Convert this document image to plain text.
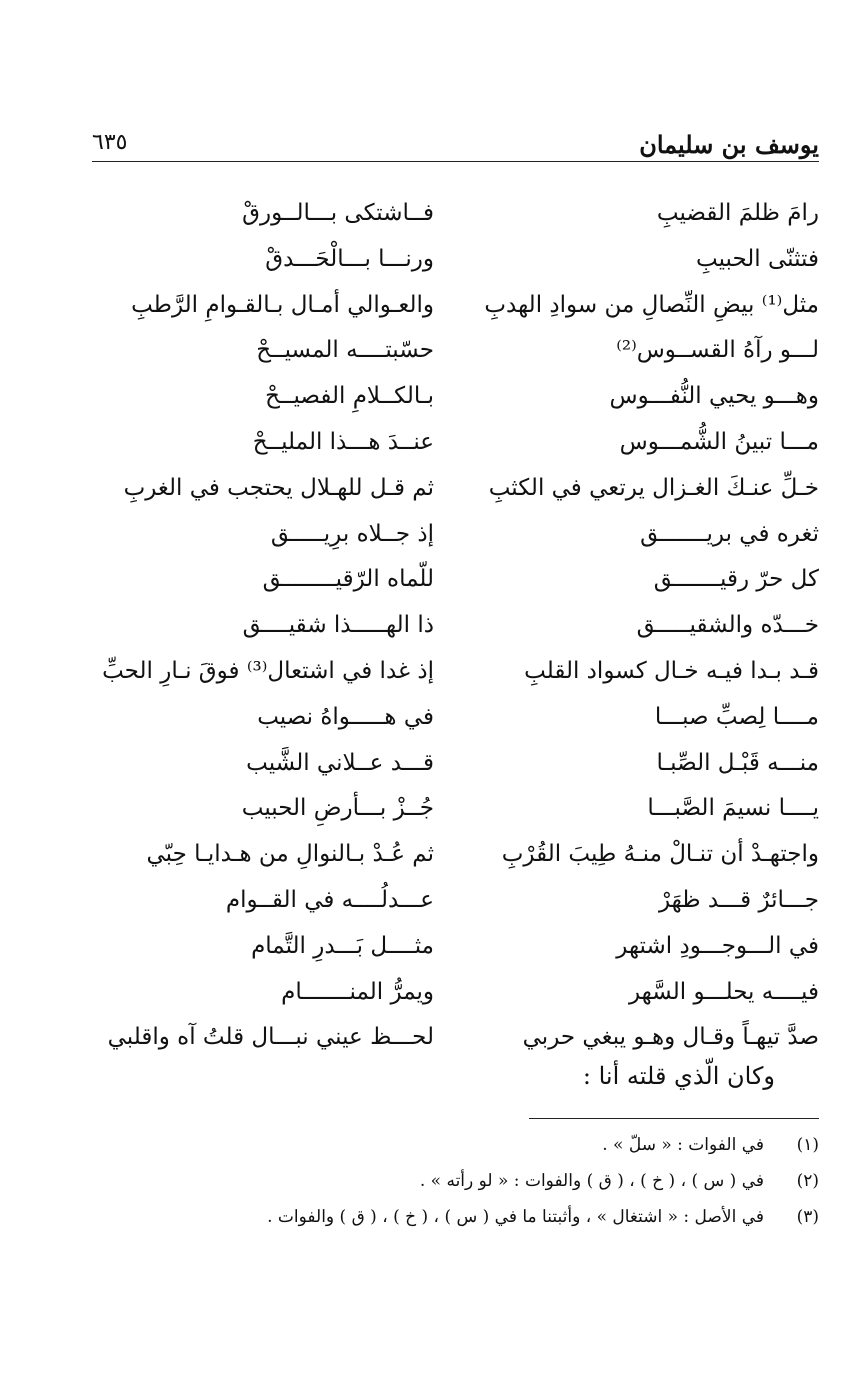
يوسف بن سليمان
٦٣٥
رامَ ظلمَ القضيبِ
فــاشتكى بـــالــورقْ
فتثنّى الحبيبِ
ورنـــا بـــالْحَـــدقْ
مثل⁽¹⁾ بيضِ النِّصالِ من سوادِ الهدبِ
والعـوالي أمـال بـالقـوامِ الرَّطبِ
لـــو رآهُ القســوس⁽²⁾
حسّبتــــه المسيــحْ
وهـــو يحيي النُّفـــوس
بـالكــلامِ الفصيــحْ
مـــا تبينُ الشُّمـــوس
عنــدَ هـــذا المليــحْ
خـلِّ عنـكَ الغـزال يرتعي في الكثبِ
ثم قـل للهـلال يحتجب في الغربِ
ثغره في بريـــــــق
إذ جــلاه برِيـــــق
كل حرّ رقيـــــــق
للّماه الرّقيــــــــق
خـــدّه والشقيـــــق
ذا الهـــــذا شقيــــق
قـد بـدا فيـه خـال كسواد القلبِ
إذ غدا في اشتعال⁽³⁾ فوقَ نـارِ الحبِّ
مــــا لِصبِّ صبـــا
في هـــــواهُ نصيب
منـــه قَبْـل الصِّبـا
قـــد عــلاني الشَّيب
يــــا نسيمَ الصَّبـــا
جُــزْ بـــأرضِ الحبيب
واجتهـدْ أن تنـالْ منـهُ طِيبَ القُرْبِ
ثم عُـدْ بـالنوالِ من هـدايـا حِبّي
جـــائرٌ قـــد ظهَرْ
عـــدلُــــه في القــوام
في الـــوجـــودِ اشتهر
مثــــل بَـــدرِ التَّمام
فيــــه يحلـــو السَّهر
ويمرُّ المنـــــــام
صدَّ تيهـاً وقـال وهـو يبغي حربي
لحـــظ عيني نبـــال قلتُ آه واقلبي
وكان الّذي قلته أنا :
(١)
في الفوات : « سلّ » .
(٢)
في ( س ) ، ( خ ) ، ( ق ) والفوات : « لو رأته » .
(٣)
في الأصل : « اشتغال » ، وأثبتنا ما في ( س ) ، ( خ ) ، ( ق ) والفوات .
